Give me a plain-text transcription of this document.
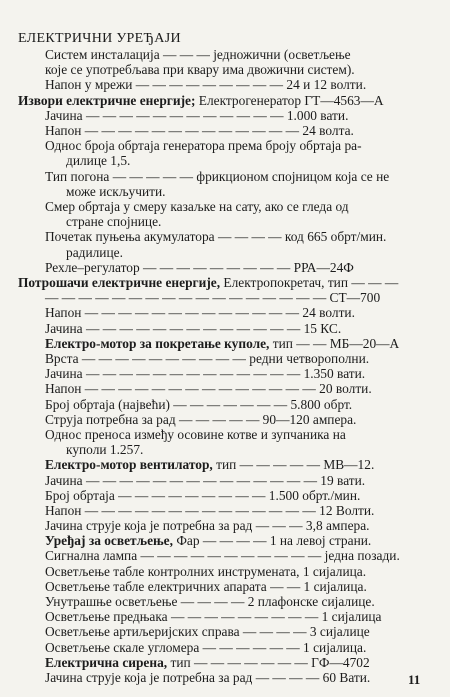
ЕЛЕКТРИЧНИ УРЕЂАЈИ
Систем инсталација — — — једножични (осветљење
које се употребљава при квару има двожични систем).
Напон у мрежи — — — — — — — — — 24 и 12 волти.
Извори електричне енергије; Електрогенератор ГТ—4563—А
Јачина — — — — — — — — — — — — 1.000 вати.
Напон — — — — — — — — — — — — — 24 волта.
Однос броја обртаја генератора према броју обртаја ра-
дилице 1,5.
Тип погона — — — — — фрикционом спојницом која се не
може искључити.
Смер обртаја у смеру казаљке на сату, ако се гледа од
стране спојнице.
Почетак пуњења акумулатора — — — — код 665 обрт/мин.
радилице.
Рехле–регулатор — — — — — — — — — РРА—24Ф
Потрошачи електричне енергије, Електропокретач, тип — — —
— — — — — — — — — — — — — — — — — СТ—700
Напон — — — — — — — — — — — — — 24 волти.
Јачина — — — — — — — — — — — — — 15 КС.
Електро-мотор за покретање куполе, тип — — МБ—20—А
Врста — — — — — — — — — — редни четворополни.
Јачина — — — — — — — — — — — — — 1.350 вати.
Напон — — — — — — — — — — — — — — 20 волти.
Број обртаја (највећи) — — — — — — — 5.800 обрт.
Струја потребна за рад — — — — — 90—120 ампера.
Однос преноса између осовине котве и зупчаника на
куполи 1.257.
Електро-мотор вентилатор, тип — — — — — МВ—12.
Јачина — — — — — — — — — — — — — — 19 вати.
Број обртаја — — — — — — — — — 1.500 обрт./мин.
Напон — — — — — — — — — — — — — — 12 Волти.
Јачина струје која је потребна за рад — — — 3,8 ампера.
Уређај за осветљење, Фар — — — — 1 на левој страни.
Сигнална лампа — — — — — — — — — — — једна позади.
Осветљење табле контролних инструмената, 1 сијалица.
Осветљење табле електричних апарата — — 1 сијалица.
Унутрашње осветљење — — — — 2 плафонске сијалице.
Осветљење предњака — — — — — — — — — 1 сијалица
Осветљење артиљеријских справа — — — — 3 сијалице
Осветљење скале угломера — — — — — — 1 сијалица.
Електрична сирена, тип — — — — — — — ГФ—4702
Јачина струје која је потребна за рад — — — — 60 Вати.	11
